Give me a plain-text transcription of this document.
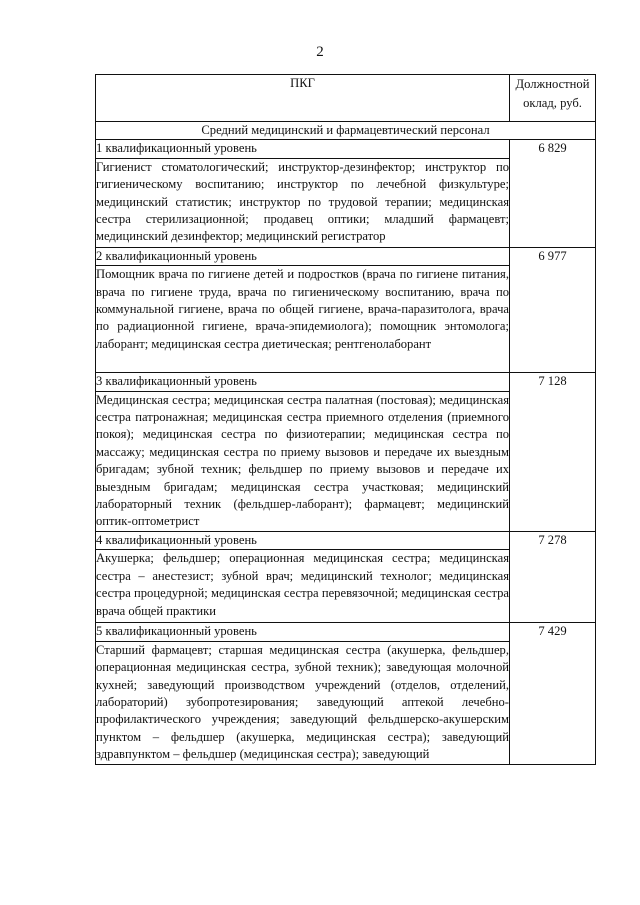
2
ПКГ	Должностной
оклад, руб.
Средний медицинский и фармацевтический персонал	
1 квалификационный уровень	6 829
Гигиенист стоматологический; инструктор-дезинфектор; инструктор по гигиеническому воспитанию; инструктор по лечебной физкультуре; медицинский статистик; инструктор по трудовой терапии; медицинская сестра стерилизационной; продавец оптики; младший фармацевт; медицинский дезинфектор; медицинский регистратор	
2 квалификационный уровень	6 977
Помощник врача по гигиене детей и подростков (врача по гигиене питания, врача по гигиене труда, врача по гигиеническому воспитанию, врача по коммунальной гигиене, врача по общей гигиене, врача-паразитолога, врача по радиационной гигиене, врача-эпидемиолога); помощник энтомолога; лаборант; медицинская сестра диетическая; рентгенолаборант	
3 квалификационный уровень	7 128
Медицинская сестра; медицинская сестра палатная (постовая); медицинская сестра патронажная; медицинская сестра приемного отделения (приемного покоя); медицинская сестра по физиотерапии; медицинская сестра по массажу; медицинская сестра по приему вызовов и передаче их выездным бригадам; зубной техник; фельдшер по приему вызовов и передаче их выездным бригадам; медицинская сестра участковая; медицинский лабораторный техник (фельдшер-лаборант); фармацевт; медицинский оптик-оптометрист	
4 квалификационный уровень	7 278
Акушерка; фельдшер; операционная медицинская сестра; медицинская сестра – анестезист; зубной врач; медицинский технолог; медицинская сестра процедурной; медицинская сестра перевязочной; медицинская сестра врача общей практики	
5 квалификационный уровень	7 429
Старший фармацевт; старшая медицинская сестра (акушерка, фельдшер, операционная медицинская сестра, зубной техник); заведующая молочной кухней; заведующий производством учреждений (отделов, отделений, лабораторий) зубопротезирования; заведующий аптекой лечебно-профилактического учреждения; заведующий фельдшерско-акушерским пунктом – фельдшер (акушерка, медицинская сестра); заведующий здравпунктом – фельдшер (медицинская сестра); заведующий	
